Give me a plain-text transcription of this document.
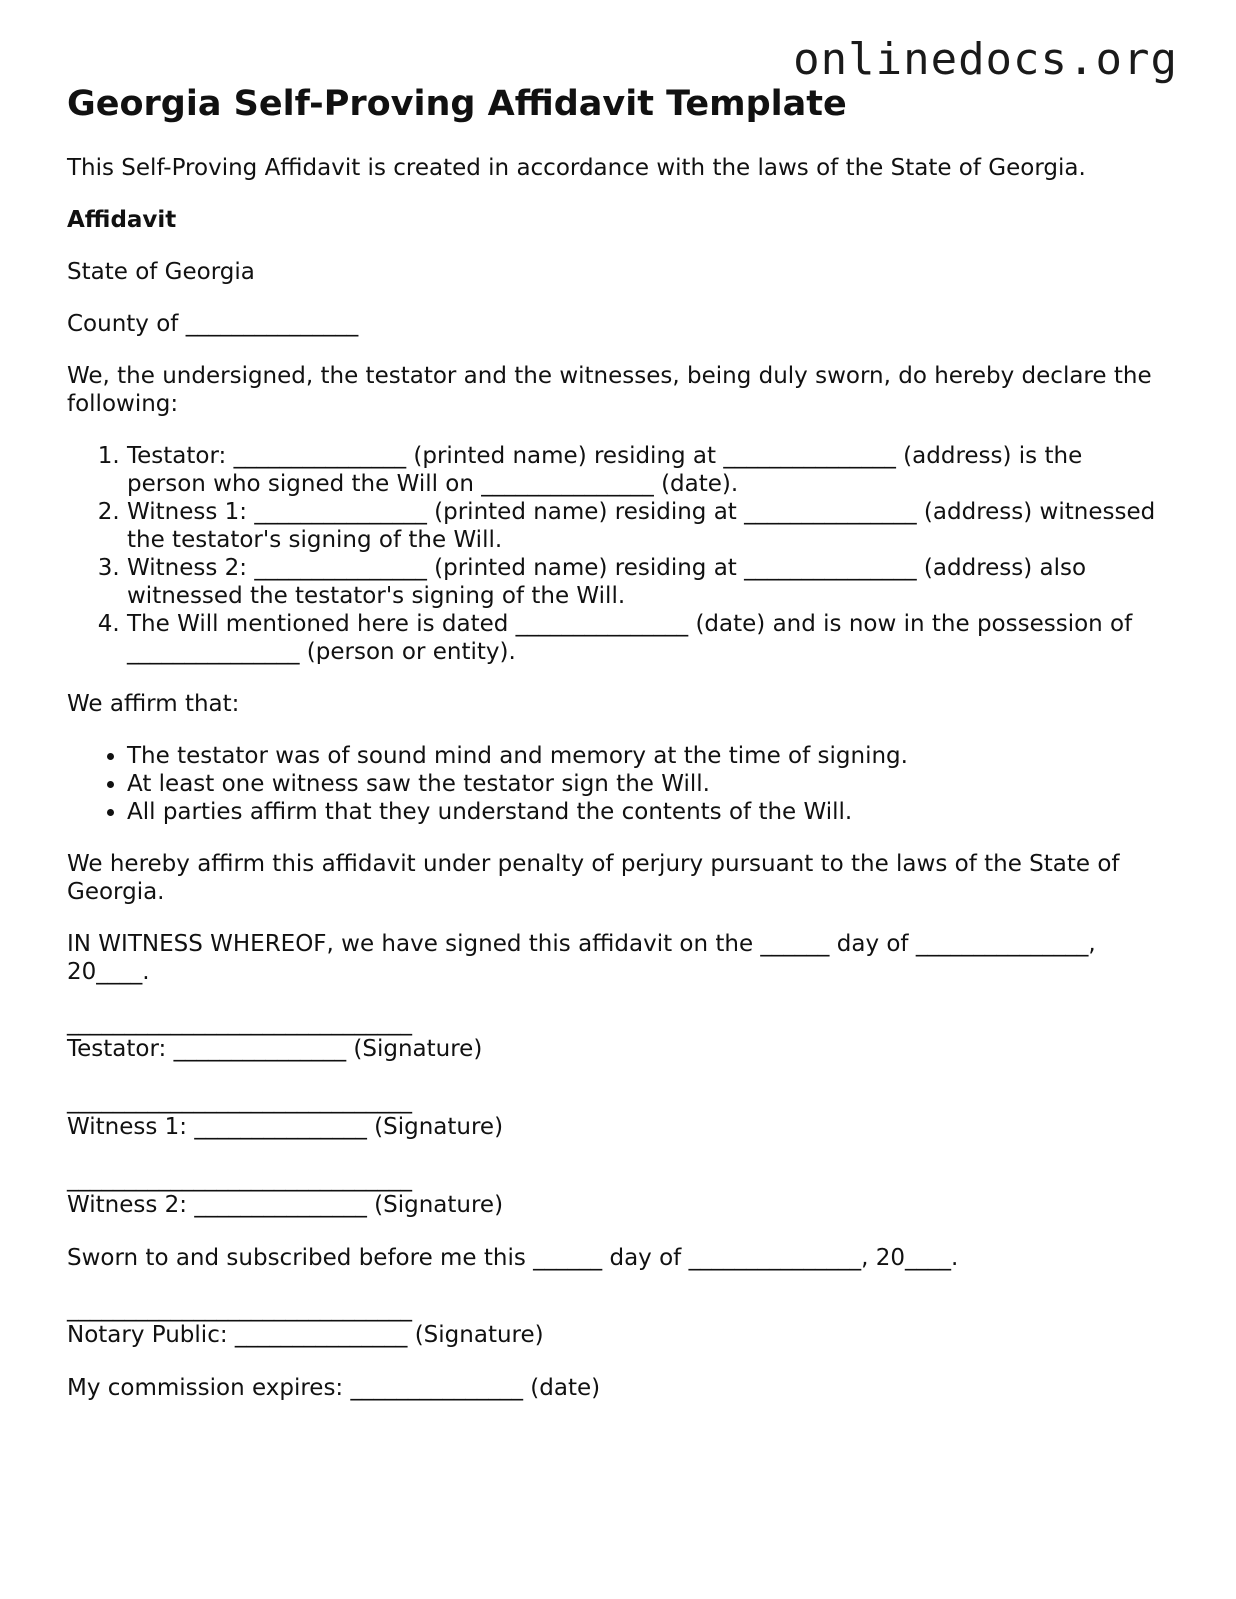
onlinedocs.org
Georgia Self-Proving Affidavit Template

This Self-Proving Affidavit is created in accordance with the laws of the State of Georgia.

Affidavit

State of Georgia

County of _______________

We, the undersigned, the testator and the witnesses, being duly sworn, do hereby declare the following:

1. Testator: _______________ (printed name) residing at _______________ (address) is the person who signed the Will on _______________ (date).
2. Witness 1: _______________ (printed name) residing at _______________ (address) witnessed the testator's signing of the Will.
3. Witness 2: _______________ (printed name) residing at _______________ (address) also witnessed the testator's signing of the Will.
4. The Will mentioned here is dated _______________ (date) and is now in the possession of _______________ (person or entity).

We affirm that:

• The testator was of sound mind and memory at the time of signing.
• At least one witness saw the testator sign the Will.
• All parties affirm that they understand the contents of the Will.

We hereby affirm this affidavit under penalty of perjury pursuant to the laws of the State of Georgia.

IN WITNESS WHEREOF, we have signed this affidavit on the ______ day of _______________, 20____.

______________________________
Testator: _______________ (Signature)
______________________________
Witness 1: _______________ (Signature)
______________________________
Witness 2: _______________ (Signature)

Sworn to and subscribed before me this ______ day of _______________, 20____.

______________________________
Notary Public: _______________ (Signature)

My commission expires: _______________ (date)
